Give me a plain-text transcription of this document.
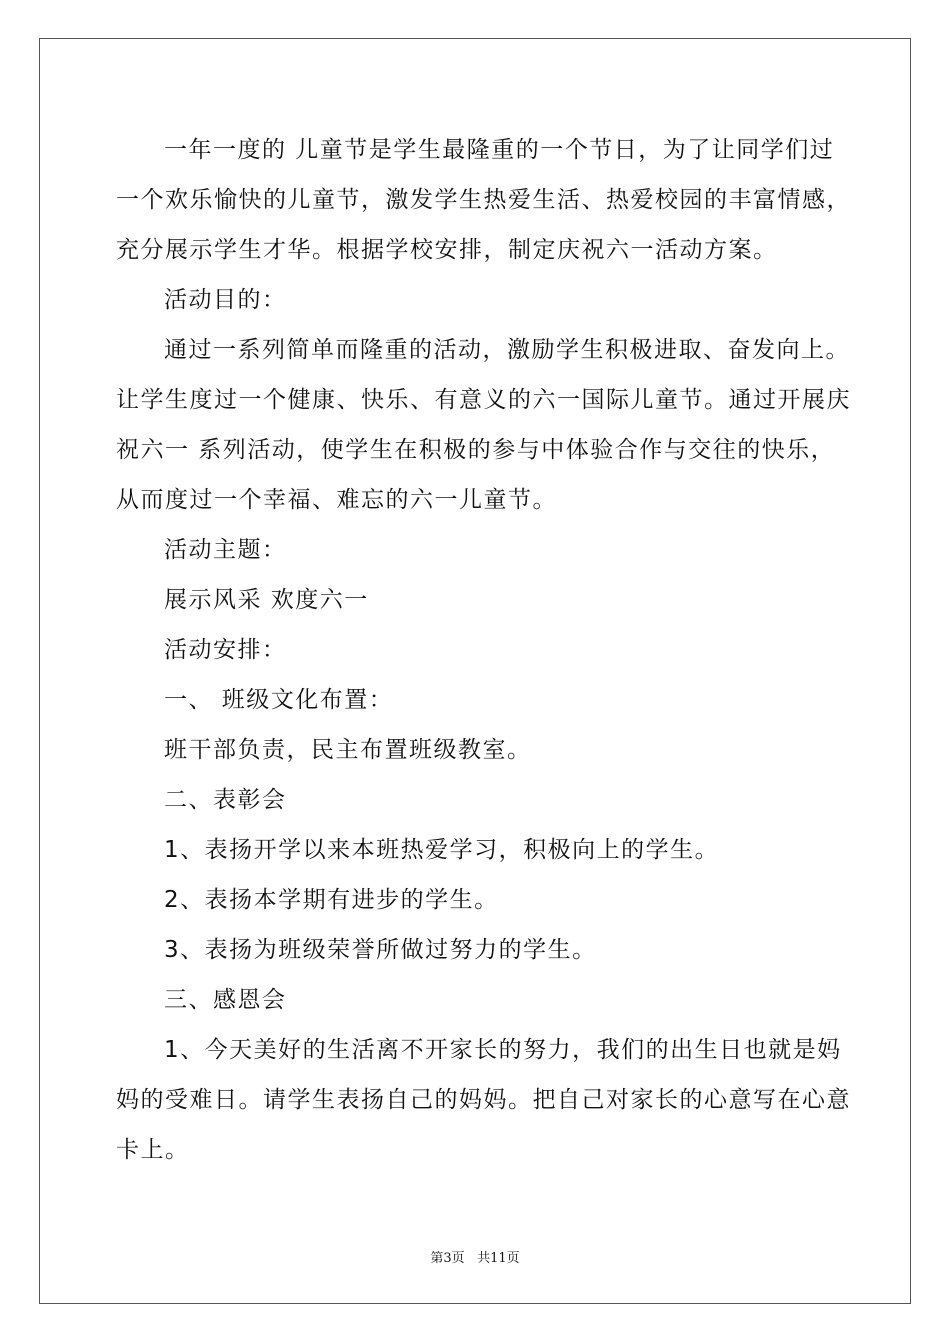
一年一度的 儿童节是学生最隆重的一个节日，为了让同学们过
一个欢乐愉快的儿童节，激发学生热爱生活、热爱校园的丰富情感，
充分展示学生才华。根据学校安排，制定庆祝六一活动方案。
活动目的：
通过一系列简单而隆重的活动，激励学生积极进取、奋发向上。
让学生度过一个健康、快乐、有意义的六一国际儿童节。通过开展庆
祝六一 系列活动，使学生在积极的参与中体验合作与交往的快乐，
从而度过一个幸福、难忘的六一儿童节。
活动主题：
展示风采 欢度六一
活动安排：
一、 班级文化布置：
班干部负责，民主布置班级教室。
二、表彰会
1、表扬开学以来本班热爱学习，积极向上的学生。
2、表扬本学期有进步的学生。
3、表扬为班级荣誉所做过努力的学生。
三、感恩会
1、今天美好的生活离不开家长的努力，我们的出生日也就是妈
妈的受难日。请学生表扬自己的妈妈。把自己对家长的心意写在心意
卡上。
第3页 共11页
